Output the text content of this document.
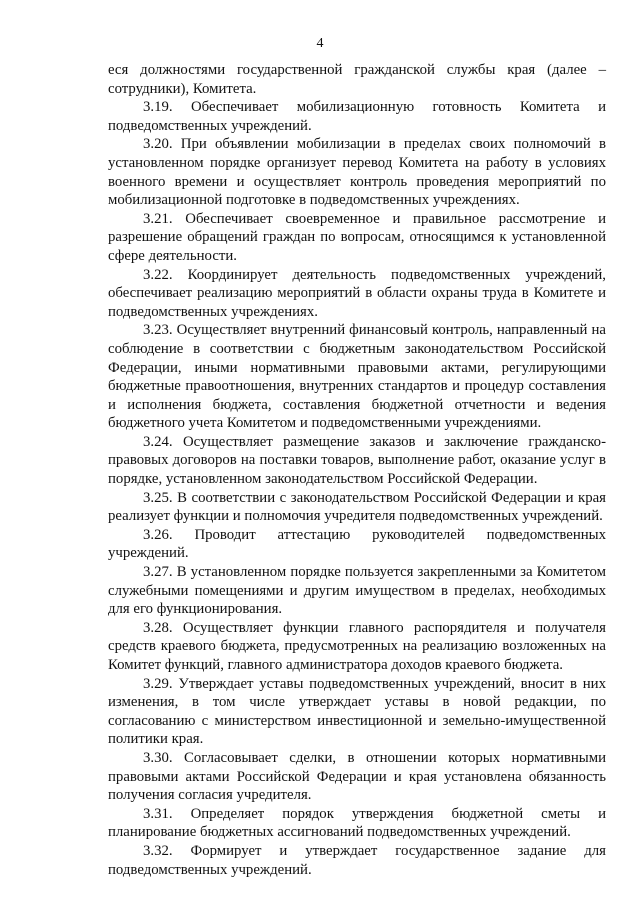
4

еся должностями государственной гражданской службы края (далее – сотрудники), Комитета.

3.19. Обеспечивает мобилизационную готовность Комитета и подведомственных учреждений.

3.20. При объявлении мобилизации в пределах своих полномочий в установленном порядке организует перевод Комитета на работу в условиях военного времени и осуществляет контроль проведения мероприятий по мобилизационной подготовке в подведомственных учреждениях.

3.21. Обеспечивает своевременное и правильное рассмотрение и разрешение обращений граждан по вопросам, относящимся к установленной сфере деятельности.

3.22. Координирует деятельность подведомственных учреждений, обеспечивает реализацию мероприятий в области охраны труда в Комитете и подведомственных учреждениях.

3.23. Осуществляет внутренний финансовый контроль, направленный на соблюдение в соответствии с бюджетным законодательством Российской Федерации, иными нормативными правовыми актами, регулирующими бюджетные правоотношения, внутренних стандартов и процедур составления и исполнения бюджета, составления бюджетной отчетности и ведения бюджетного учета Комитетом и подведомственными учреждениями.

3.24. Осуществляет размещение заказов и заключение гражданско-правовых договоров на поставки товаров, выполнение работ, оказание услуг в порядке, установленном законодательством Российской Федерации.

3.25. В соответствии с законодательством Российской Федерации и края реализует функции и полномочия учредителя подведомственных учреждений.

3.26. Проводит аттестацию руководителей подведомственных учреждений.

3.27. В установленном порядке пользуется закрепленными за Комитетом служебными помещениями и другим имуществом в пределах, необходимых для его функционирования.

3.28. Осуществляет функции главного распорядителя и получателя средств краевого бюджета, предусмотренных на реализацию возложенных на Комитет функций, главного администратора доходов краевого бюджета.

3.29. Утверждает уставы подведомственных учреждений, вносит в них изменения, в том числе утверждает уставы в новой редакции, по согласованию с министерством инвестиционной и земельно-имущественной политики края.

3.30. Согласовывает сделки, в отношении которых нормативными правовыми актами Российской Федерации и края установлена обязанность получения согласия учредителя.

3.31. Определяет порядок утверждения бюджетной сметы и планирование бюджетных ассигнований подведомственных учреждений.

3.32. Формирует и утверждает государственное задание для подведомственных учреждений.
